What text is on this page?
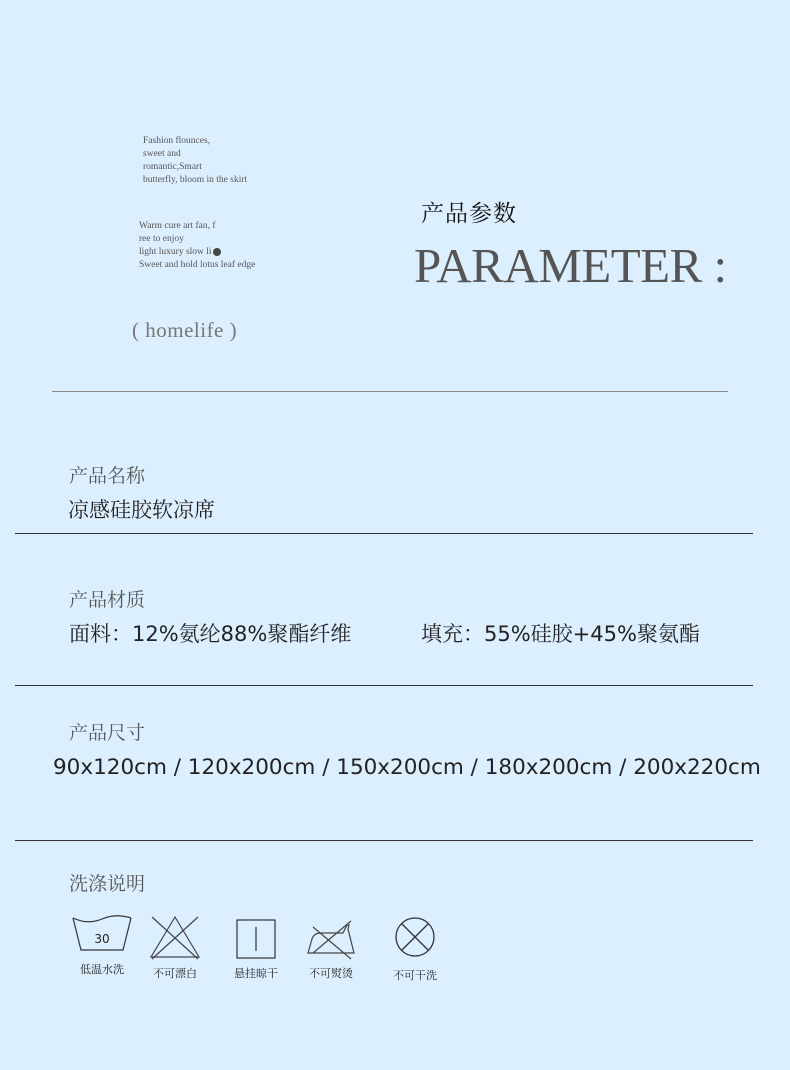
Fashion flounces,
sweet and
romantic,Smart
butterfly, bloom in the skirt
Warm cure art fan, f
ree to enjoy
light luxury slow li
Sweet and hold lotus leaf edge
( homelife )
产品参数
PARAMETER :
产品名称
凉感硅胶软凉席
产品材质
面料：12%氨纶88%聚酯纤维	填充：55%硅胶+45%聚氨酯
产品尺寸
90x120cm / 120x200cm / 150x200cm / 180x200cm / 200x220cm
洗涤说明
30
低温水洗	不可漂白	悬挂晾干	不可熨烫	不可干洗
